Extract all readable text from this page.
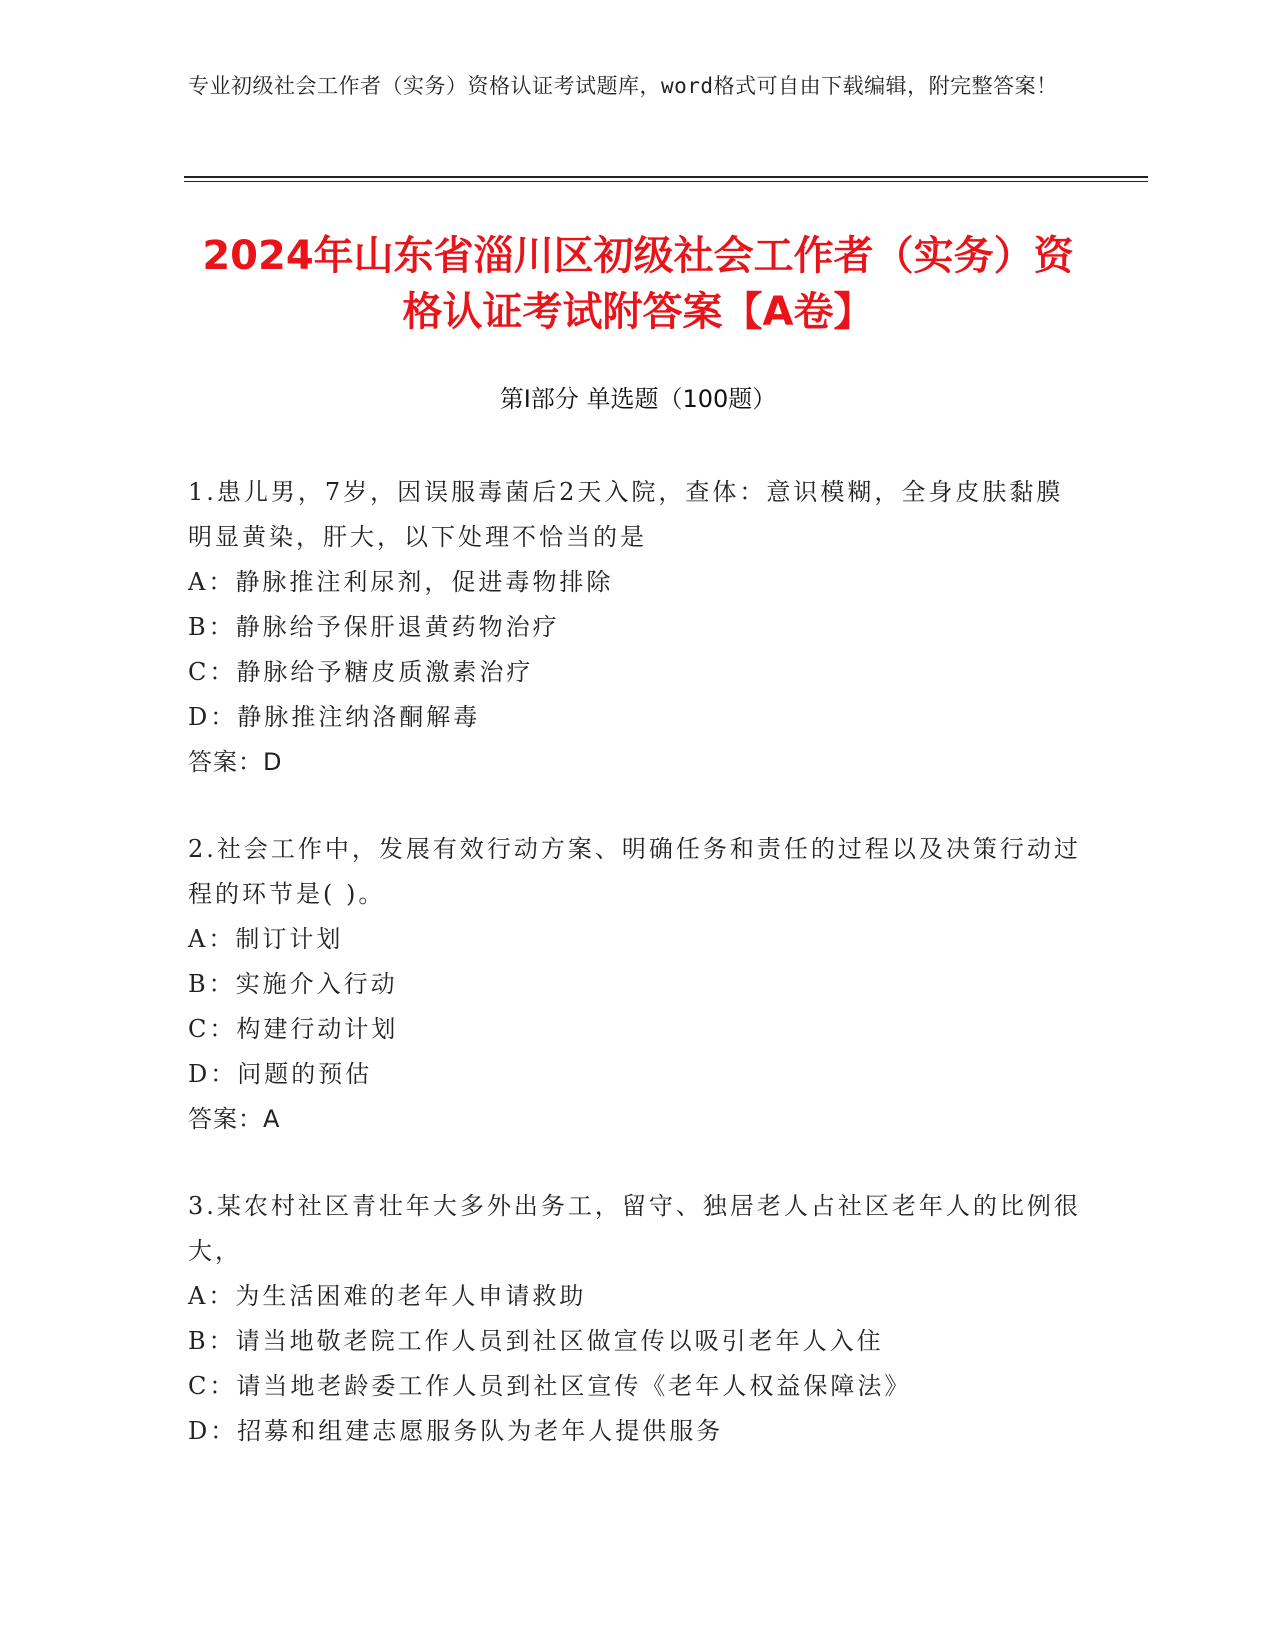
专业初级社会工作者（实务）资格认证考试题库，word格式可自由下载编辑，附完整答案！
2024年山东省淄川区初级社会工作者（实务）资格认证考试附答案【A卷】
第Ⅰ部分 单选题（100题）
1.患儿男，7岁，因误服毒菌后2天入院，查体：意识模糊，全身皮肤黏膜明显黄染，肝大，以下处理不恰当的是
A：静脉推注利尿剂，促进毒物排除
B：静脉给予保肝退黄药物治疗
C：静脉给予糖皮质激素治疗
D：静脉推注纳洛酮解毒
答案：D
2.社会工作中，发展有效行动方案、明确任务和责任的过程以及决策行动过程的环节是( )。
A：制订计划
B：实施介入行动
C：构建行动计划
D：问题的预估
答案：A
3.某农村社区青壮年大多外出务工，留守、独居老人占社区老年人的比例很大，
A：为生活困难的老年人申请救助
B：请当地敬老院工作人员到社区做宣传以吸引老年人入住
C：请当地老龄委工作人员到社区宣传《老年人权益保障法》
D：招募和组建志愿服务队为老年人提供服务
